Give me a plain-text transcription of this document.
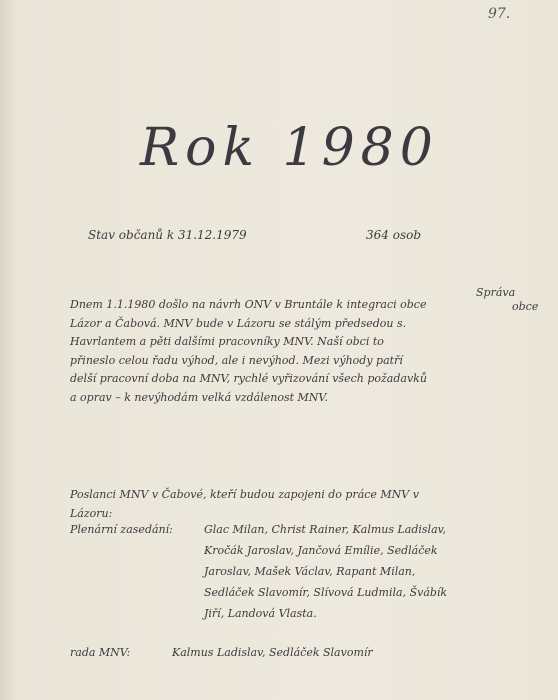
97.
Rok 1980
Stav občanů k 31.12.1979	364 osob
Správa
obce
Dnem 1.1.1980 došlo na návrh ONV v Bruntále k integraci obce Lázor a Čabová. MNV bude v Lázoru se stálým předsedou s. Havrlantem a pěti dalšími pracovníky MNV. Naší obci to přineslo celou řadu výhod, ale i nevýhod. Mezi výhody patří delší pracovní doba na MNV, rychlé vyřizování všech požadavků a oprav – k nevýhodám velká vzdálenost MNV.
Poslanci MNV v Čabové, kteří budou zapojeni do práce MNV v Lázoru:
Plenární zasedání:	Glac Milan, Christ Rainer, Kalmus Ladislav, Kročák Jaroslav, Jančová Emílie, Sedláček Jaroslav, Mašek Václav, Rapant Milan, Sedláček Slavomír, Slívová Ludmila, Švábík Jiří, Landová Vlasta.
rada MNV:	Kalmus Ladislav, Sedláček Slavomír
